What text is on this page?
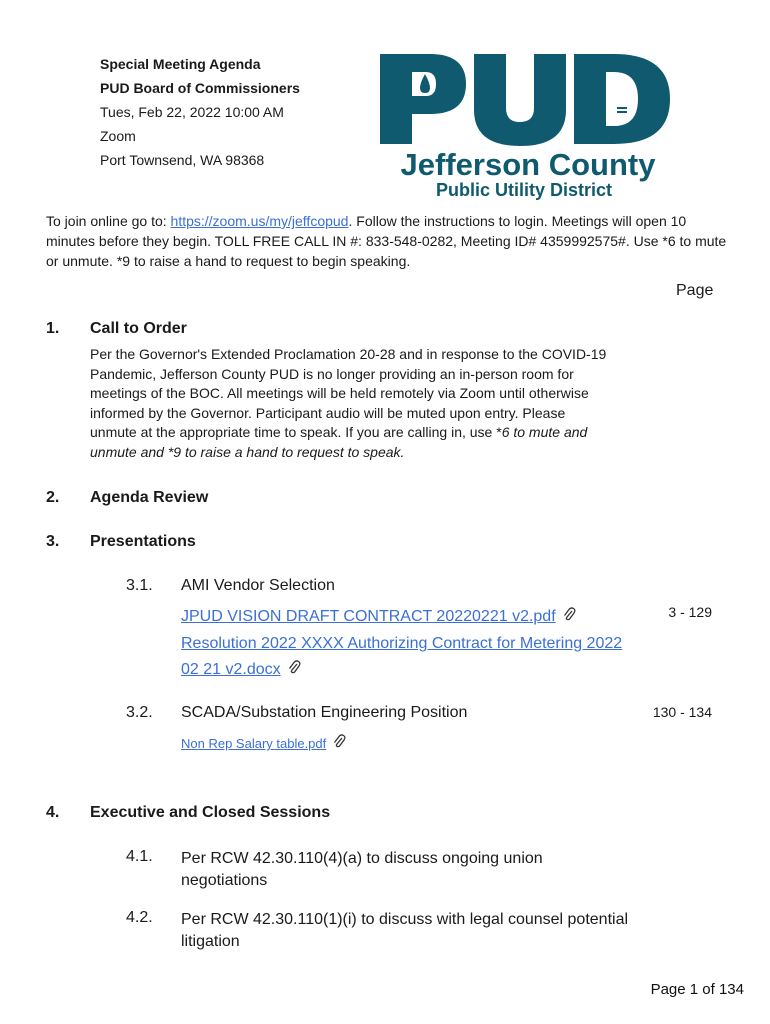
Special Meeting Agenda
PUD Board of Commissioners
Tues, Feb 22, 2022 10:00 AM
Zoom
Port Townsend, WA 98368	Jefferson County
Public Utility District
To join online go to: https://zoom.us/my/jeffcopud. Follow the instructions to login. Meetings will open 10 minutes before they begin. TOLL FREE CALL IN #: 833-548-0282, Meeting ID# 4359992575#. Use *6 to mute or unmute. *9 to raise a hand to request to begin speaking.
Page
1. Call to Order
Per the Governor's Extended Proclamation 20-28 and in response to the COVID-19 Pandemic, Jefferson County PUD is no longer providing an in-person room for meetings of the BOC. All meetings will be held remotely via Zoom until otherwise informed by the Governor. Participant audio will be muted upon entry. Please unmute at the appropriate time to speak. If you are calling in, use *6 to mute and unmute and *9 to raise a hand to request to speak.
2. Agenda Review
3. Presentations
3.1. AMI Vendor Selection
JPUD VISION DRAFT CONTRACT 20220221 v2.pdf
Resolution 2022 XXXX Authorizing Contract for Metering 2022
02 21 v2.docx
3 - 129
3.2. SCADA/Substation Engineering Position
Non Rep Salary table.pdf
130 - 134
4. Executive and Closed Sessions
4.1. Per RCW 42.30.110(4)(a) to discuss ongoing union
negotiations
4.2. Per RCW 42.30.110(1)(i) to discuss with legal counsel potential
litigation
Page 1 of 134
